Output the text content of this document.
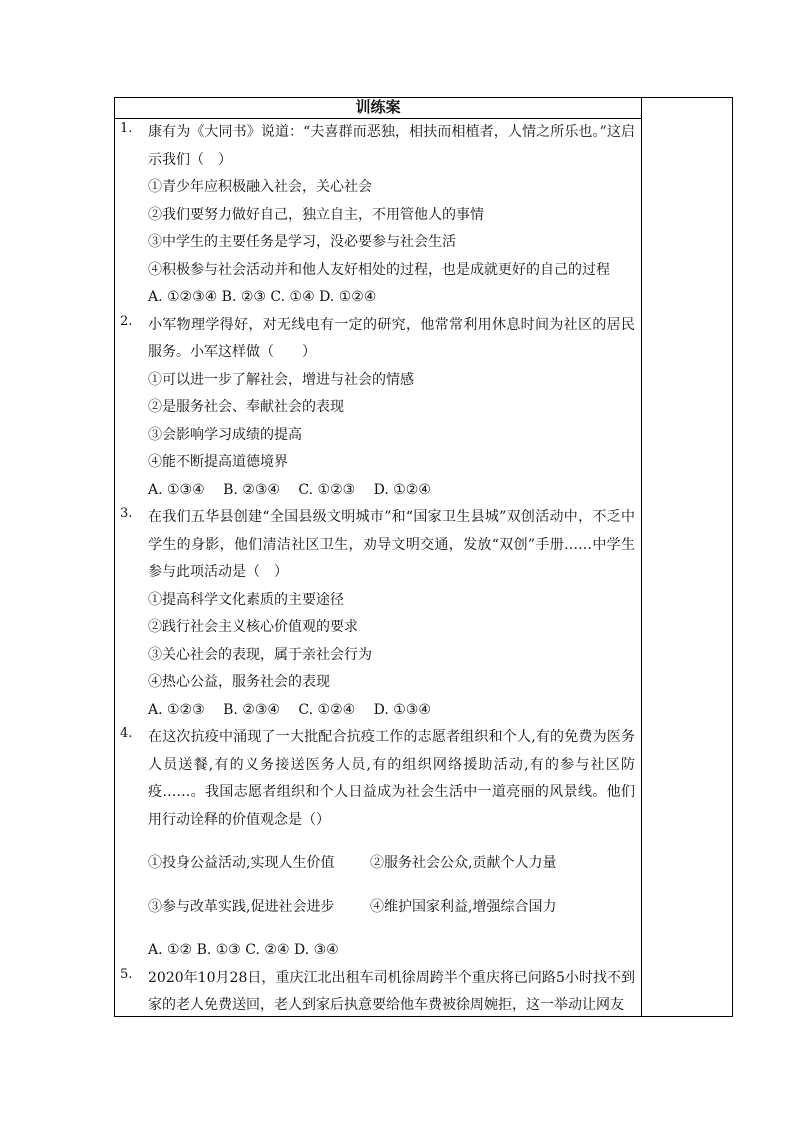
训练案
1.	康有为《大同书》说道：“夫喜群而恶独，相扶而相植者，人情之所乐也。”这启示我们（　）
①青少年应积极融入社会，关心社会
②我们要努力做好自己，独立自主，不用管他人的事情
③中学生的主要任务是学习，没必要参与社会生活
④积极参与社会活动并和他人友好相处的过程，也是成就更好的自己的过程
A. ①②③④ B. ②③ C. ①④ D. ①②④
2.	小军物理学得好，对无线电有一定的研究，他常常利用休息时间为社区的居民服务。小军这样做（　　）
①可以进一步了解社会，增进与社会的情感
②是服务社会、奉献社会的表现
③会影响学习成绩的提高
④能不断提高道德境界
A. ①③④　 B. ②③④　 C. ①②③　 D. ①②④
3.	在我们五华县创建“全国县级文明城市”和“国家卫生县城”双创活动中，不乏中学生的身影，他们清洁社区卫生，劝导文明交通，发放“双创”手册……中学生参与此项活动是（　）
①提高科学文化素质的主要途径
②践行社会主义核心价值观的要求
③关心社会的表现，属于亲社会行为
④热心公益，服务社会的表现
A. ①②③　 B. ②③④　 C. ①②④　 D. ①③④
4.	在这次抗疫中涌现了一大批配合抗疫工作的志愿者组织和个人,有的免费为医务人员送餐,有的义务接送医务人员,有的组织网络援助活动,有的参与社区防疫……。我国志愿者组织和个人日益成为社会生活中一道亮丽的风景线。他们用行动诠释的价值观念是（）
①投身公益活动,实现人生价值	②服务社会公众,贡献个人力量
③参与改革实践,促进社会进步	④维护国家利益,增强综合国力
A. ①② B. ①③ C. ②④ D. ③④
5.	2020年10月28日，重庆江北出租车司机徐周跨半个重庆将已问路5小时找不到家的老人免费送回，老人到家后执意要给他车费被徐周婉拒，这一举动让网友
